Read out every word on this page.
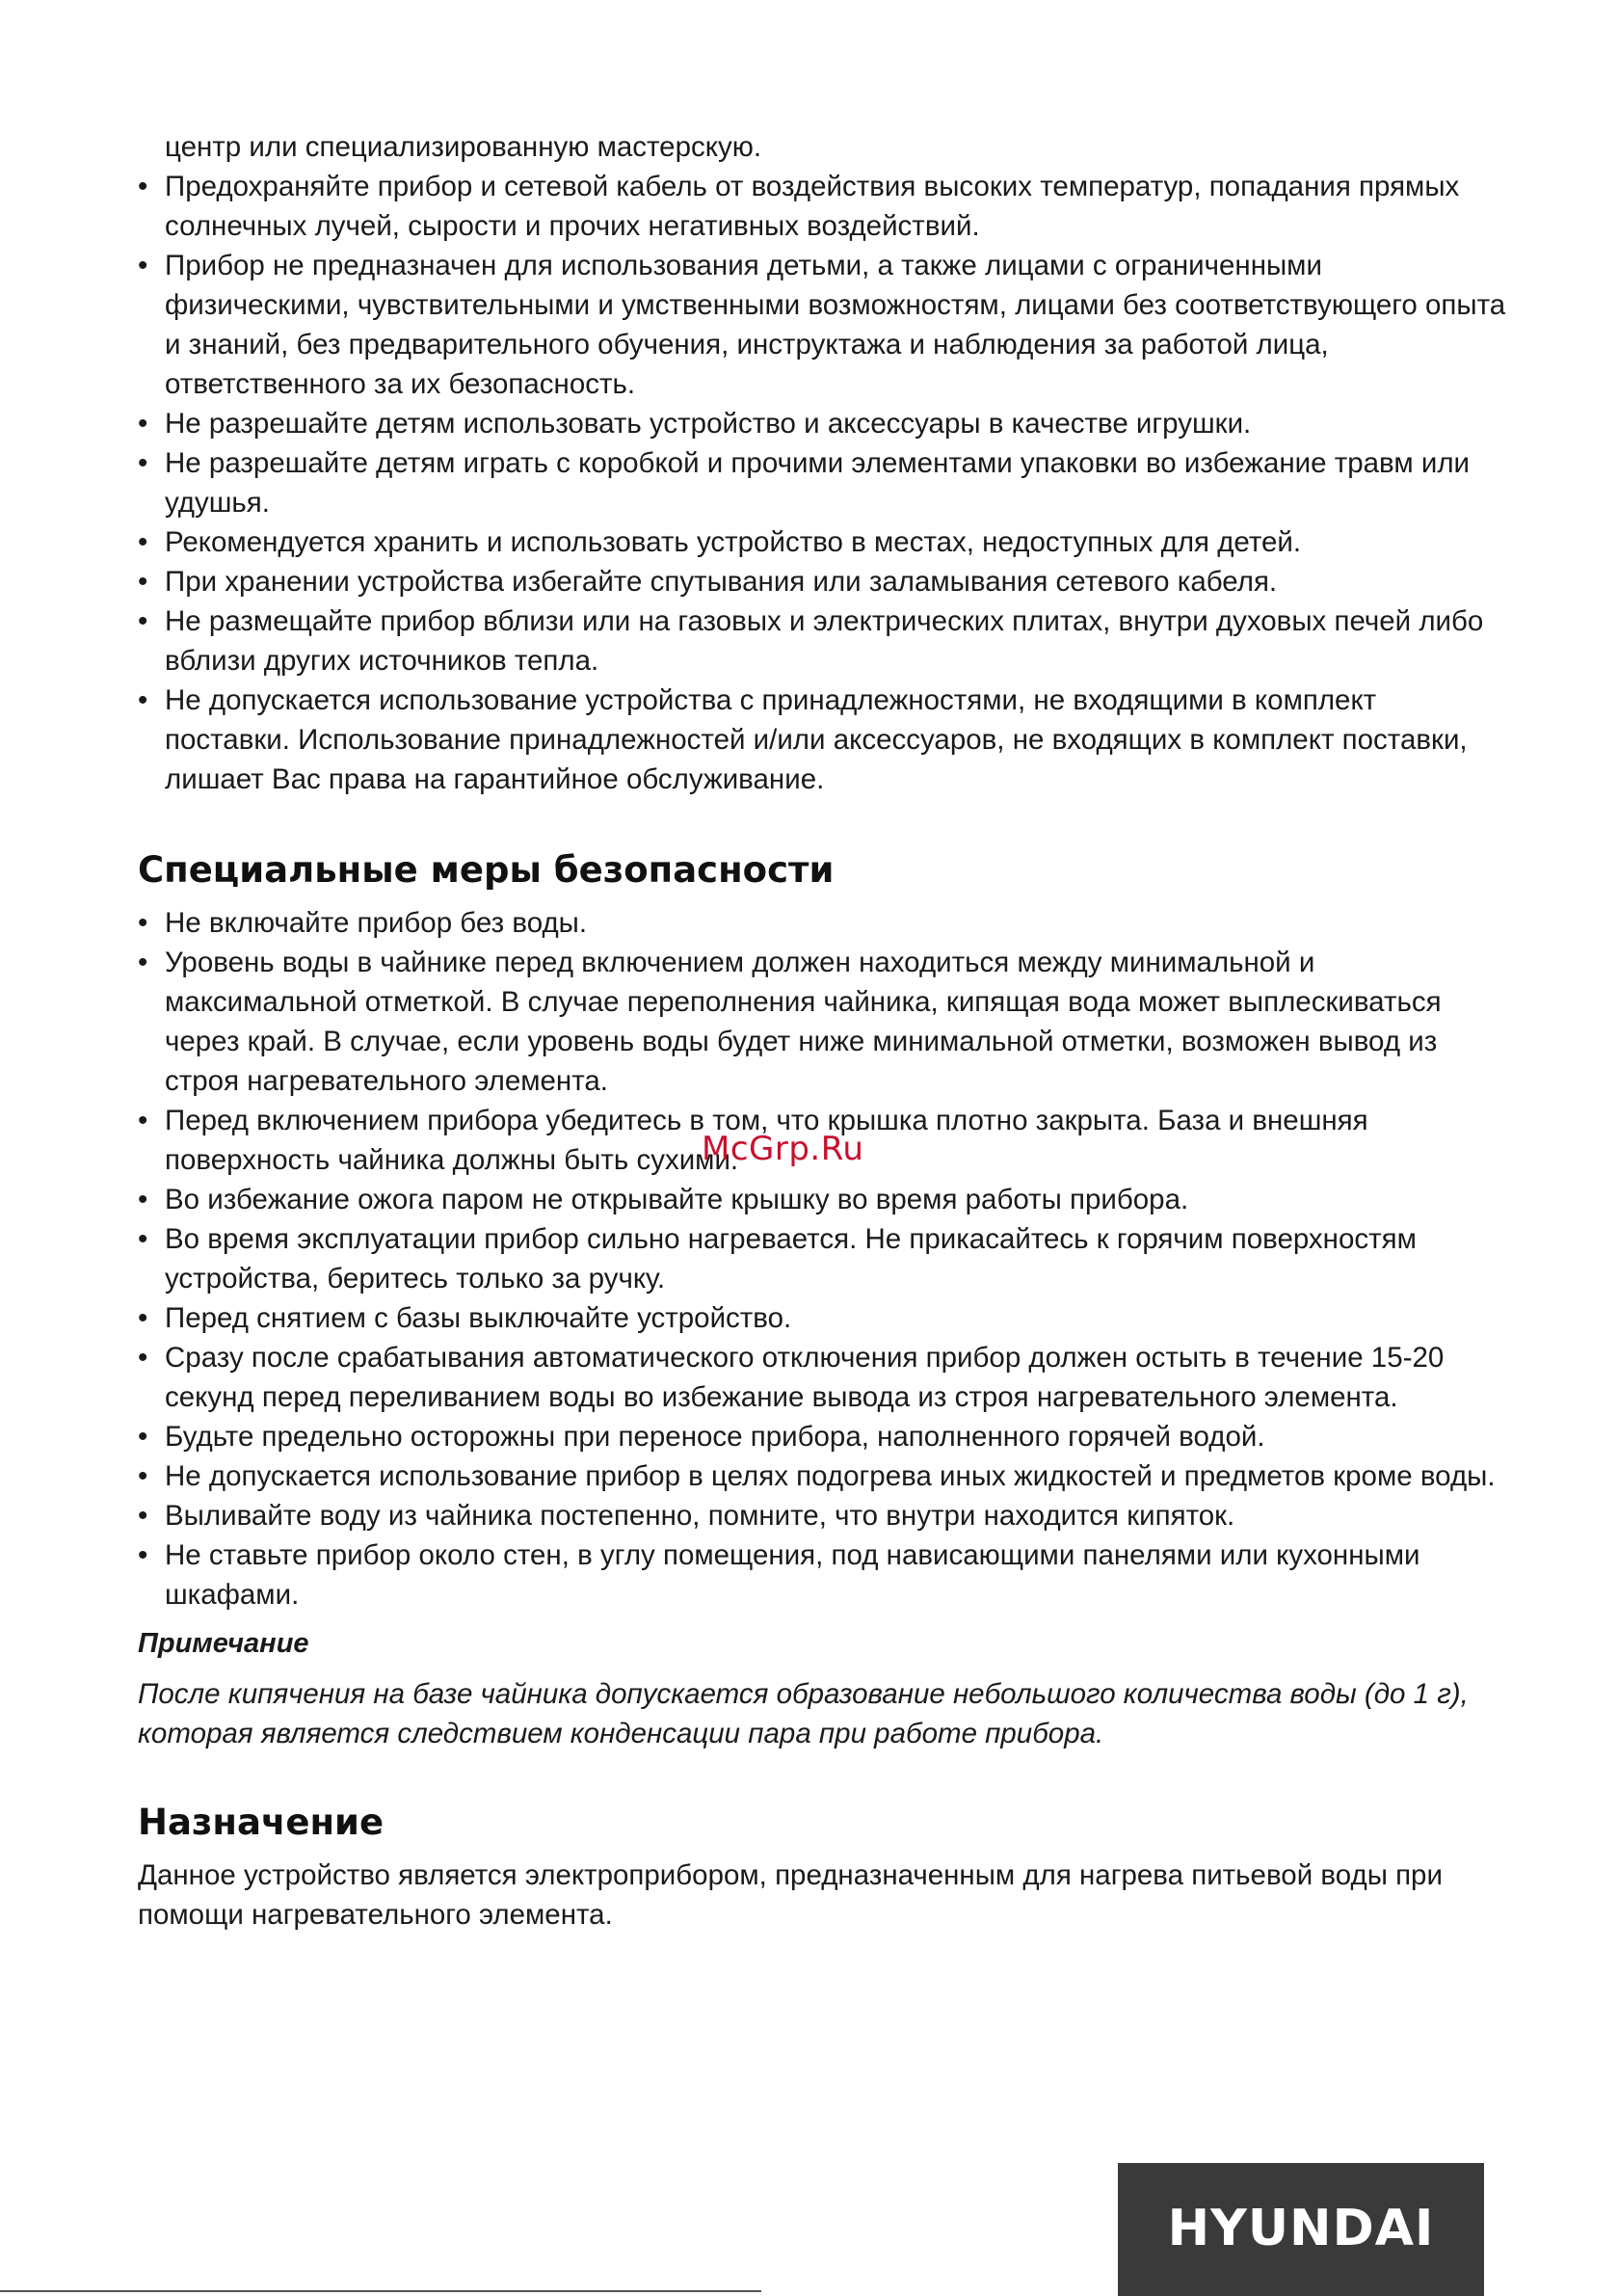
центр или специализированную мастерскую.

• Предохраняйте прибор и сетевой кабель от воздействия высоких температур, попадания прямых солнечных лучей, сырости и прочих негативных воздействий.

• Прибор не предназначен для использования детьми, а также лицами с ограниченными физическими, чувствительными и умственными возможностям, лицами без соответствующего опыта и знаний, без предварительного обучения, инструктажа и наблюдения за работой лица, ответственного за их безопасность.

• Не разрешайте детям использовать устройство и аксессуары в качестве игрушки.

• Не разрешайте детям играть с коробкой и прочими элементами упаковки во избежание травм или удушья.

• Рекомендуется хранить и использовать устройство в местах, недоступных для детей.

• При хранении устройства избегайте спутывания или заламывания сетевого кабеля.

• Не размещайте прибор вблизи или на газовых и электрических плитах, внутри духовых печей либо вблизи других источников тепла.

• Не допускается использование устройства с принадлежностями, не входящими в комплект поставки. Использование принадлежностей и/или аксессуаров, не входящих в комплект поставки, лишает Вас права на гарантийное обслуживание.

Специальные меры безопасности

• Не включайте прибор без воды.

• Уровень воды в чайнике перед включением должен находиться между минимальной и максимальной отметкой. В случае переполнения чайника, кипящая вода может выплескиваться через край. В случае, если уровень воды будет ниже минимальной отметки, возможен вывод из строя нагревательного элемента.

• Перед включением прибора убедитесь в том, что крышка плотно закрыта. База и внешняя поверхность чайника должны быть сухими.

• Во избежание ожога паром не открывайте крышку во время работы прибора.

• Во время эксплуатации прибор сильно нагревается. Не прикасайтесь к горячим поверхностям устройства, беритесь только за ручку.

• Перед снятием с базы выключайте устройство.

• Сразу после срабатывания автоматического отключения прибор должен остыть в течение 15-20 секунд перед переливанием воды во избежание вывода из строя нагревательного элемента.

• Будьте предельно осторожны при переносе прибора, наполненного горячей водой.

• Не допускается использование прибор в целях подогрева иных жидкостей и предметов кроме воды.

• Выливайте воду из чайника постепенно, помните, что внутри находится кипяток.

• Не ставьте прибор около стен, в углу помещения, под нависающими панелями или кухонными шкафами.

Примечание

После кипячения на базе чайника допускается образование небольшого количества воды (до 1 г), которая является следствием конденсации пара при работе прибора.

Назначение

Данное устройство является электроприбором, предназначенным для нагрева питьевой воды при помощи нагревательного элемента.

McGrp.Ru
HYUNDAI
